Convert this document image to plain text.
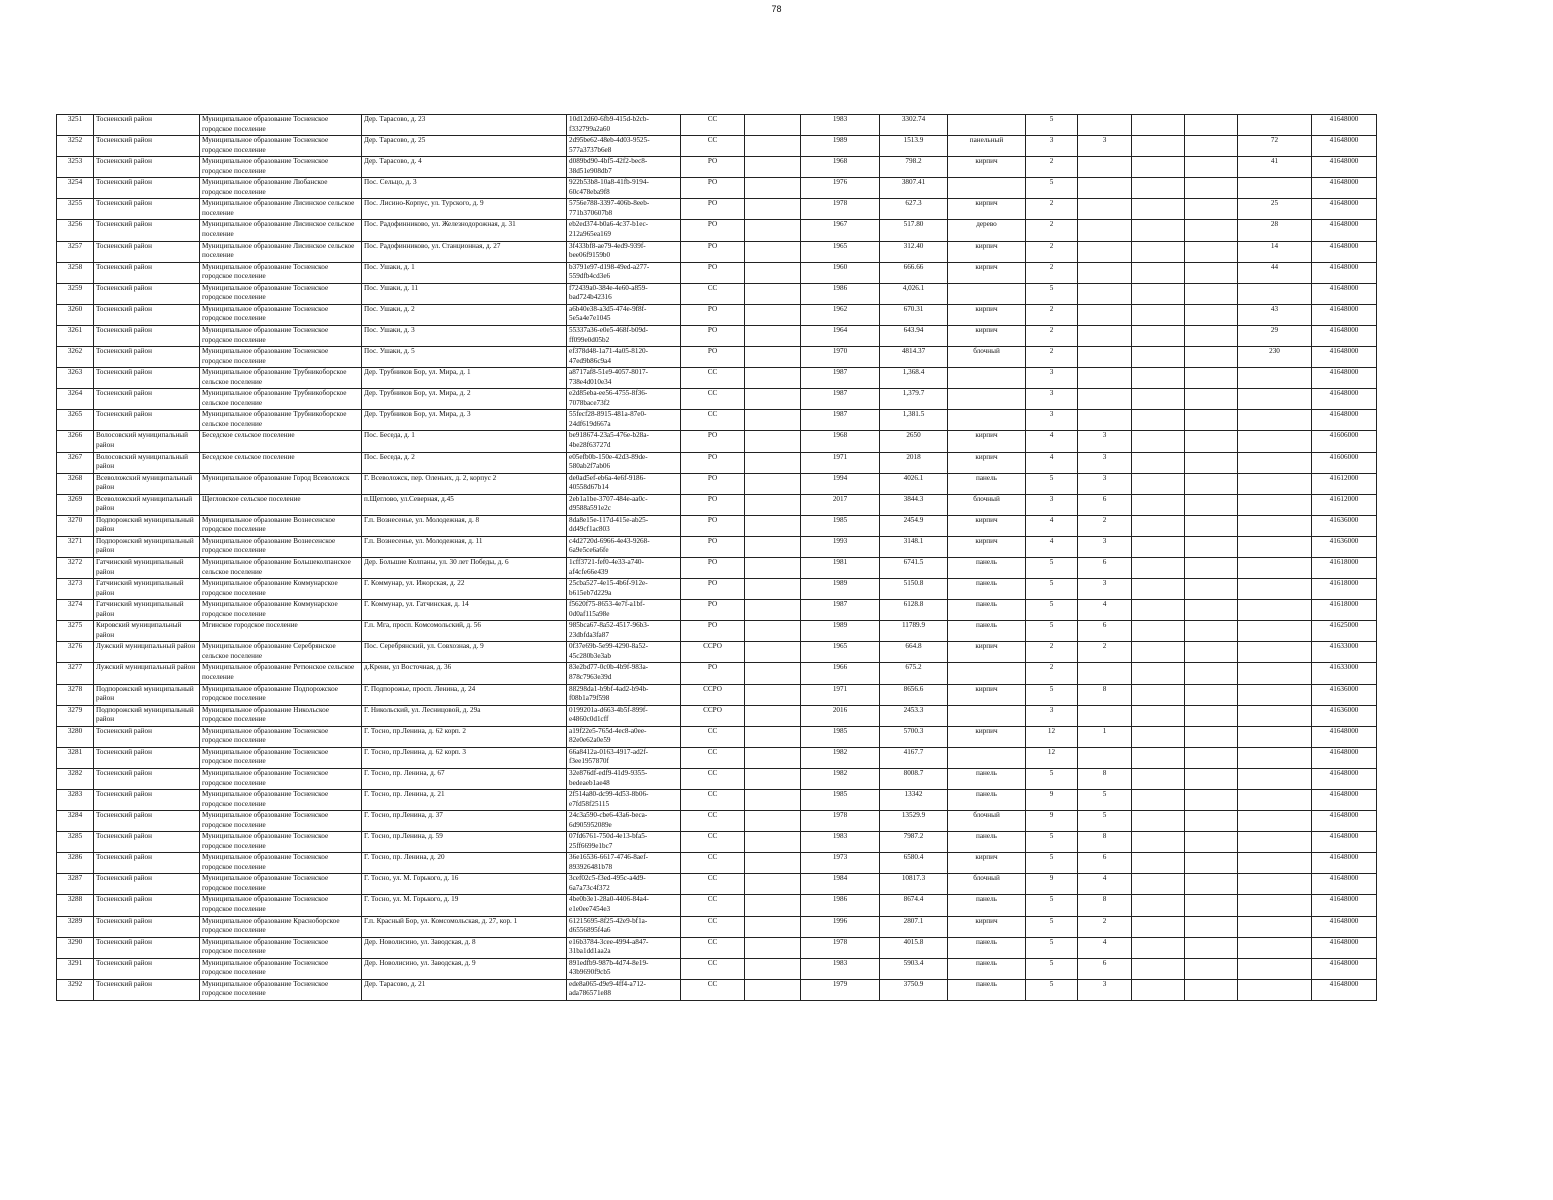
78
3251	Тосненский район	Муниципальное образование Тосненское городское поселение	Дер. Тарасово, д. 23	10d12d60-6fb9-415d-b2cb-f332799a2a60	СС		1983	3302.74		5					41648000
3252	Тосненский район	Муниципальное образование Тосненское городское поселение	Дер. Тарасово, д. 25	2d95be62-48eb-4d03-9525-577a3737b6e8	СС		1989	1513.9	панельный	3	3			72	41648000
3253	Тосненский район	Муниципальное образование Тосненское городское поселение	Дер. Тарасово, д. 4	d089bd90-4bf5-42f2-bec8-38d51e908db7	РО		1968	798.2	кирпич	2				41	41648000
3254	Тосненский район	Муниципальное образование Любанское городское поселение	Пос. Сельцо, д. 3	922b53b8-10a8-41fb-9194-60c478eba9f8	РО		1976	3807.41		5					41648000
3255	Тосненский район	Муниципальное образование Лисинское сельское поселение	Пос. Лисино-Корпус, ул. Турского, д. 9	5756e788-3397-406b-8eeb-771b370607b8	РО		1978	627.3	кирпич	2				25	41648000
3256	Тосненский район	Муниципальное образование Лисинское сельское поселение	Пос. Радофинниково, ул. Железнодорожная, д. 31	eb2ed374-b0a6-4c37-b1ec-212a965ea169	РО		1967	517.80	дерево	2				28	41648000
3257	Тосненский район	Муниципальное образование Лисинское сельское поселение	Пос. Радофинниково, ул. Станционная, д. 27	3f433bf8-ae79-4ed9-939f-bee06f9159b0	РО		1965	312.40	кирпич	2				14	41648000
3258	Тосненский район	Муниципальное образование Тосненское городское поселение	Пос. Ушаки, д. 1	b3791e97-d198-49ed-a277-559dfb4cd3e6	РО		1960	666.66	кирпич	2				44	41648000
3259	Тосненский район	Муниципальное образование Тосненское городское поселение	Пос. Ушаки, д. 11	f72439a0-384e-4e60-a859-bad724b42316	СС		1986	4,026.1		5					41648000
3260	Тосненский район	Муниципальное образование Тосненское городское поселение	Пос. Ушаки, д. 2	a6b40e38-a3d5-474e-9f8f-5e5a4e7e1045	РО		1962	670.31	кирпич	2				43	41648000
3261	Тосненский район	Муниципальное образование Тосненское городское поселение	Пос. Ушаки, д. 3	55337a36-e0e5-468f-b09d-ff099e0d05b2	РО		1964	643.94	кирпич	2				29	41648000
3262	Тосненский район	Муниципальное образование Тосненское городское поселение	Пос. Ушаки, д. 5	ef378d48-1a71-4a05-8120-47ed9b86c9a4	РО		1970	4814.37	блочный	2				230	41648000
3263	Тосненский район	Муниципальное образование Трубникоборское сельское поселение	Дер. Трубников Бор, ул. Мира, д. 1	a8717af8-51e9-4057-8017-738e4d010e34	СС		1987	1,368.4		3					41648000
3264	Тосненский район	Муниципальное образование Трубникоборское сельское поселение	Дер. Трубников Бор, ул. Мира, д. 2	e2d85eba-ee56-4755-8f36-7078bace73f2	СС		1987	1,379.7		3					41648000
3265	Тосненский район	Муниципальное образование Трубникоборское сельское поселение	Дер. Трубников Бор, ул. Мира, д. 3	55fecf28-8915-481a-87e0-24df619d667a	СС		1987	1,381.5		3					41648000
3266	Волосовский муниципальный район	Беседское сельское поселение	Пос. Беседа, д. 1	be918674-23a5-476e-b28a-4be28f63727d	РО		1968	2650	кирпич	4	3				41606000
3267	Волосовский муниципальный район	Беседское сельское поселение	Пос. Беседа, д. 2	e05efb0b-150e-42d3-89de-580ab2f7ab06	РО		1971	2018	кирпич	4	3				41606000
3268	Всеволожский муниципальный район	Муниципальное образование Город Всеволожск	Г. Всеволожск, пер. Оленьих, д. 2, корпус 2	de0ad5ef-eb6a-4e6f-9186-40558d67b14	РО		1994	4026.1	панель	5	3				41612000
3269	Всеволожский муниципальный район	Щегловское сельское поселение	п.Щеглово, ул.Северная, д.45	2eb1a1be-3707-484e-aa0c-d9588a591e2c	РО		2017	3844.3	блочный	3	6				41612000
3270	Подпорожский муниципальный район	Муниципальное образование Вознесенское городское поселение	Г.п. Вознесенье, ул. Молодежная, д. 8	8da8e15e-117d-415e-ab25-dd49cf1ac803	РО		1985	2454.9	кирпич	4	2				41636000
3271	Подпорожский муниципальный район	Муниципальное образование Вознесенское городское поселение	Г.п. Вознесенье, ул. Молодежная, д. 11	c4d2720d-6966-4e43-9268-6a9e5ce6a6fe	РО		1993	3148.1	кирпич	4	3				41636000
3272	Гатчинский муниципальный район	Муниципальное образование Большеколпанское сельское поселение	Дер. Большие Колпаны, ул. 30 лет Победы, д. 6	1cff3721-fef0-4e33-a740-af4cfe66e439	РО		1981	6741.5	панель	5	6				41618000
3273	Гатчинский муниципальный район	Муниципальное образование Коммунарское городское поселение	Г. Коммунар, ул. Ижорская, д. 22	25cba527-4e15-4b6f-912e-b615eb7d229a	РО		1989	5150.8	панель	5	3				41618000
3274	Гатчинский муниципальный район	Муниципальное образование Коммунарское городское поселение	Г. Коммунар, ул. Гатчинская, д. 14	f5620f75-8653-4e7f-a1bf-0d0af115a98e	РО		1987	6128.8	панель	5	4				41618000
3275	Кировский муниципальный район	Мгинское городское поселение	Г.п. Мга, просп. Комсомольский, д. 56	985bca67-8a52-4517-96b3-23dbfda3fa87	РО		1989	11789.9	панель	5	6				41625000
3276	Лужский муниципальный район	Муниципальное образование Серебрянское сельское поселение	Пос. Серебрянский, ул. Совхозная, д. 9	0f37e69b-5e99-4290-8a52-45c280b3e3ab	ССРО		1965	664.8	кирпич	2	2				41633000
3277	Лужский муниципальный район	Муниципальное образование Ретюнское сельское поселение	д.Крени, ул Восточная, д. 36	83e2bd77-0c0b-4b9f-983a-878c7963e39d	РО		1966	675.2		2					41633000
3278	Подпорожский муниципальный район	Муниципальное образование Подпорожское городское поселение	Г. Подпорожье, просп. Ленина, д. 24	88298da1-b9bf-4ad2-b94b-f08b1a79f598	ССРО		1971	8656.6	кирпич	5	8				41636000
3279	Подпорожский муниципальный район	Муниципальное образование Никольское городское поселение	Г. Никольский, ул. Лесницовой, д. 29а	0199201a-d663-4b5f-899f-e4860c0d1cff	ССРО		2016	2453.3		3					41636000
3280	Тосненский район	Муниципальное образование Тосненское городское поселение	Г. Тосно, пр.Ленина, д. 62 корп. 2	a19f22e5-765d-4ec8-a0ee-82e0e62a0e59	СС		1985	5700.3	кирпич	12	1				41648000
3281	Тосненский район	Муниципальное образование Тосненское городское поселение	Г. Тосно, пр.Ленина, д. 62 корп. 3	66a8412a-0163-4917-ad2f-f3ee1957870f	СС		1982	4167.7		12					41648000
3282	Тосненский район	Муниципальное образование Тосненское городское поселение	Г. Тосно, пр. Ленина, д. 67	32e876df-edf9-41d9-9355-bedeaeb1ae48	СС		1982	8008.7	панель	5	8				41648000
3283	Тосненский район	Муниципальное образование Тосненское городское поселение	Г. Тосно, пр. Ленина, д. 21	2f514a80-dc99-4d53-8b06-e7fd58f25115	СС		1985	13342	панель	9	5				41648000
3284	Тосненский район	Муниципальное образование Тосненское городское поселение	Г. Тосно, пр.Ленина, д. 37	24c3a590-cbe6-43a6-beca-6d905952089e	СС		1978	13529.9	блочный	9	5				41648000
3285	Тосненский район	Муниципальное образование Тосненское городское поселение	Г. Тосно, пр.Ленина, д. 59	07fd6761-750d-4e13-bfa5-25ff6699e1bc7	СС		1983	7987.2	панель	5	8				41648000
3286	Тосненский район	Муниципальное образование Тосненское городское поселение	Г. Тосно, пр. Ленина, д. 20	36e16536-6617-4746-8aef-893926481b78	СС		1973	6580.4	кирпич	5	6				41648000
3287	Тосненский район	Муниципальное образование Тосненское городское поселение	Г. Тосно, ул. М. Горького, д. 16	3cef02c5-f3ed-495c-a4d9-6a7a73c4f372	СС		1984	10817.3	блочный	9	4				41648000
3288	Тосненский район	Муниципальное образование Тосненское городское поселение	Г. Тосно, ул. М. Горького, д. 19	4be0b3e1-28a0-4406-84a4-e1e0ee7454e3	СС		1986	8674.4	панель	5	8				41648000
3289	Тосненский район	Муниципальное образование Красноборское городское поселение	Г.п. Красный Бор, ул. Комсомольская, д. 27, кор. 1	61215695-8f25-42e9-bf1a-d6556895f4a6	СС		1996	2807.1	кирпич	5	2				41648000
3290	Тосненский район	Муниципальное образование Тосненское городское поселение	Дер. Новолисино, ул. Заводская, д. 8	e16b3784-3cee-4994-a847-31ba1dd1aa2a	СС		1978	4015.8	панель	5	4				41648000
3291	Тосненский район	Муниципальное образование Тосненское городское поселение	Дер. Новолисино, ул. Заводская, д. 9	891edfb9-987b-4d74-8e19-43b9690f9cb5	СС		1983	5903.4	панель	5	6				41648000
3292	Тосненский район	Муниципальное образование Тосненское городское поселение	Дер. Тарасово, д. 21	ede8a065-d9e9-4ff4-a712-ada786571e88	СС		1979	3750.9	панель	5	3				41648000
